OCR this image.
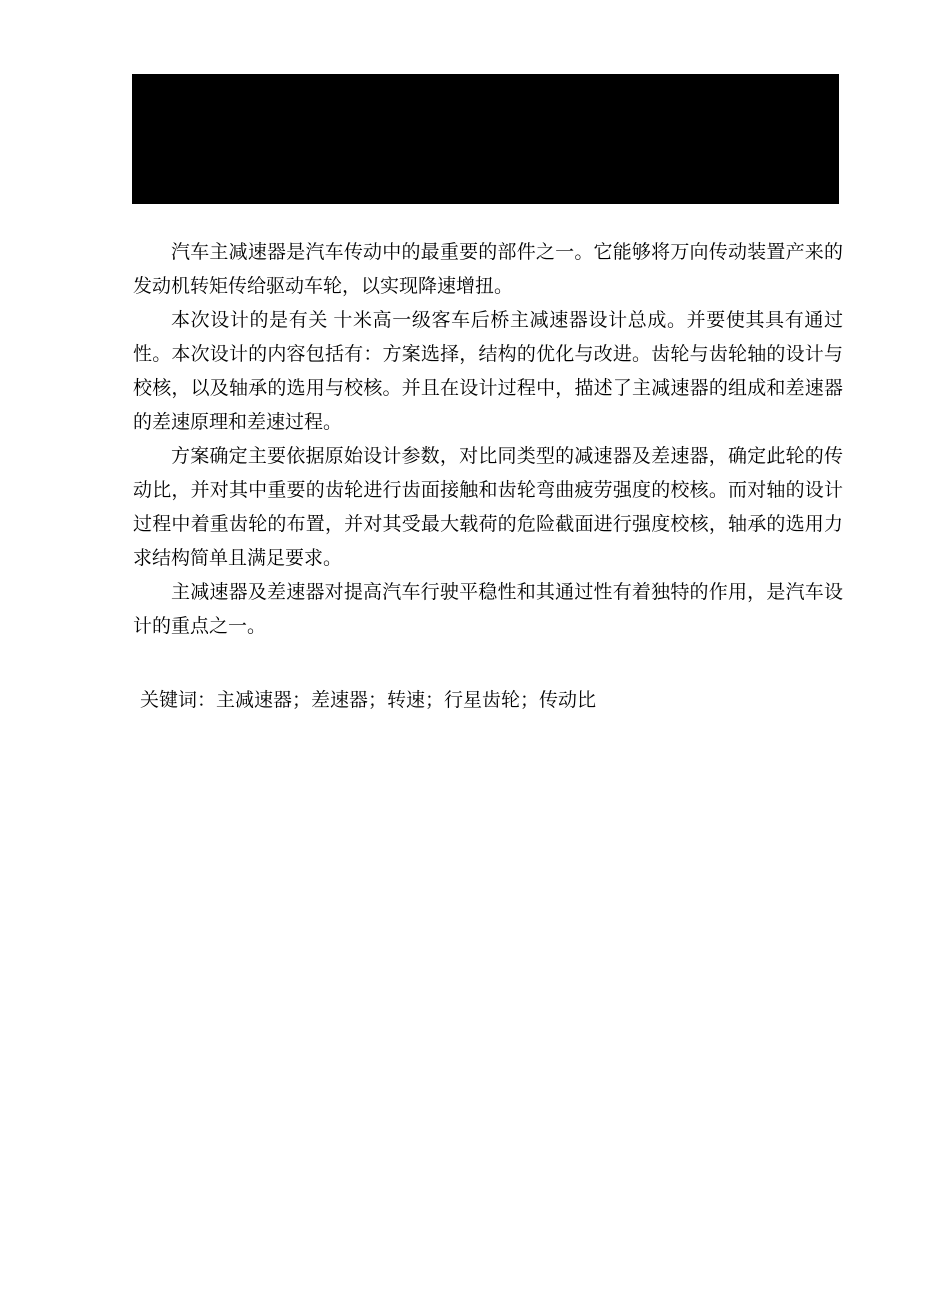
汽车主减速器是汽车传动中的最重要的部件之一。它能够将万向传动装置产来的发动机转矩传给驱动车轮，以实现降速增扭。

本次设计的是有关 十米高一级客车后桥主减速器设计总成。并要使其具有通过性。本次设计的内容包括有：方案选择，结构的优化与改进。齿轮与齿轮轴的设计与校核，以及轴承的选用与校核。并且在设计过程中，描述了主减速器的组成和差速器的差速原理和差速过程。

方案确定主要依据原始设计参数，对比同类型的减速器及差速器，确定此轮的传动比，并对其中重要的齿轮进行齿面接触和齿轮弯曲疲劳强度的校核。而对轴的设计过程中着重齿轮的布置，并对其受最大载荷的危险截面进行强度校核，轴承的选用力求结构简单且满足要求。

主减速器及差速器对提高汽车行驶平稳性和其通过性有着独特的作用，是汽车设计的重点之一。

关键词：主减速器；差速器；转速；行星齿轮；传动比
